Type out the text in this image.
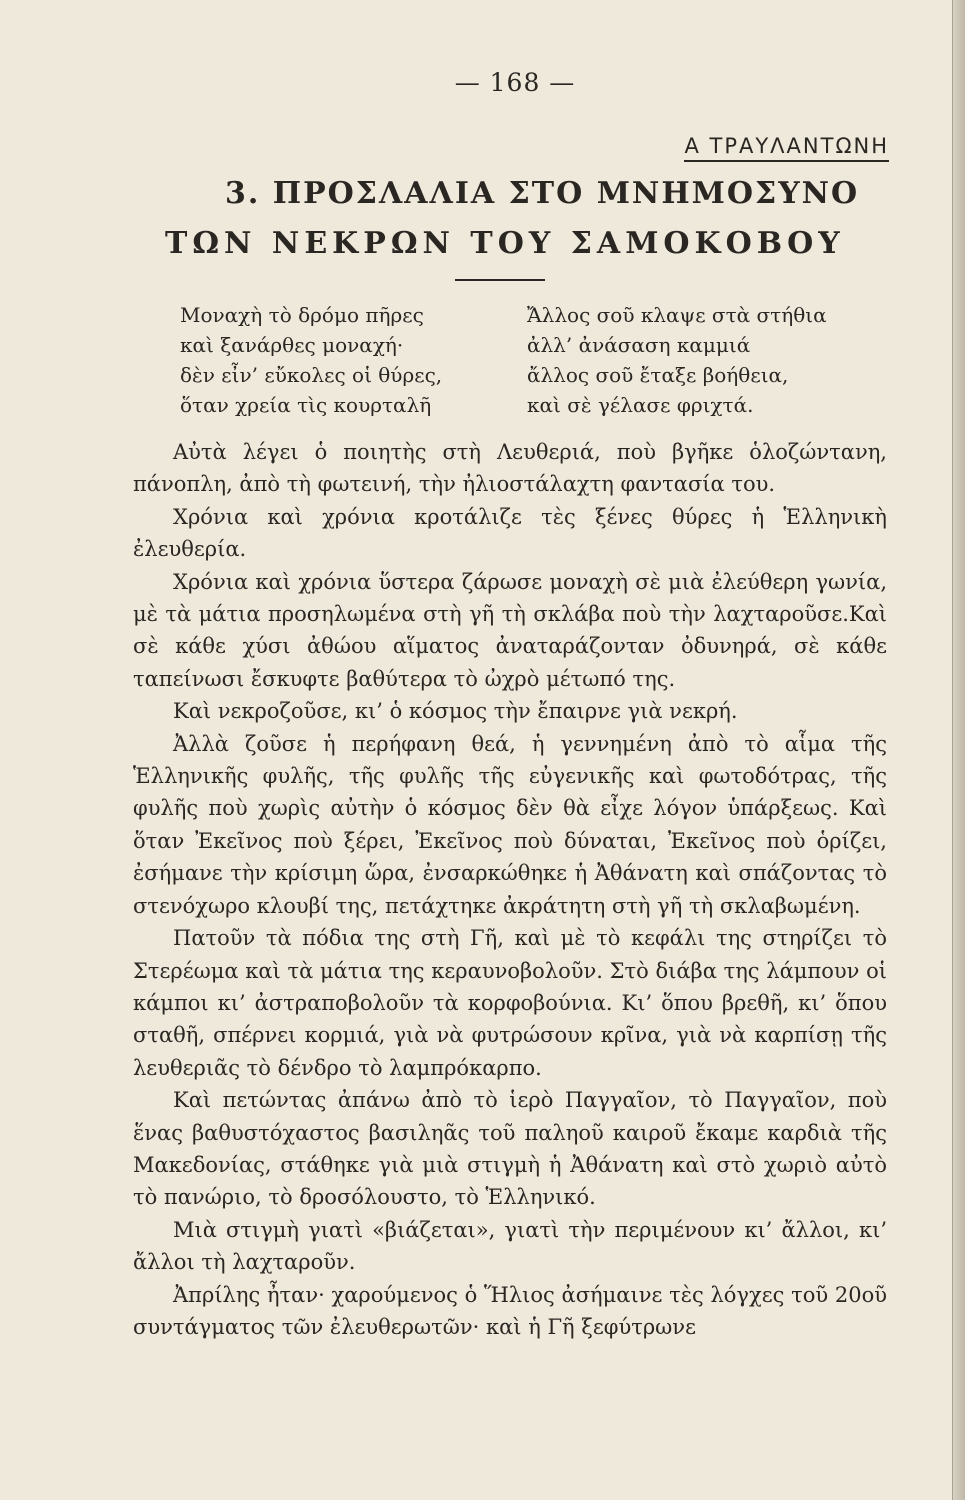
— 168 —
Α ΤΡΑΥΛΑΝΤΩΝΗ
3. ΠΡΟΣΛΑΛΙΑ ΣΤΟ ΜΝΗΜΟΣΥΝΟ
ΤΩΝ ΝΕΚΡΩΝ ΤΟΥ ΣΑΜΟΚΟΒΟΥ
Μοναχὴ τὸ δρόμο πῆρες
καὶ ξανάρθες μοναχή·
δὲν εἶν’ εὔκολες οἱ θύρες,
ὅταν χρεία τὶς κουρταλῆ
Ἄλλος σοῦ κλαψε στὰ στήθια
ἀλλ’ ἀνάσαση καμμιά
ἄλλος σοῦ ἔταξε βοήθεια,
καὶ σὲ γέλασε φριχτά.

Αὐτὰ λέγει ὁ ποιητὴς στὴ Λευθεριά, ποὺ βγῆκε ὁλοζώντανη, πάνοπλη, ἀπὸ τὴ φωτεινή, τὴν ἠλιοστάλαχτη φαντασία του.

Χρόνια καὶ χρόνια κροτάλιζε τὲς ξένες θύρες ἡ Ἑλληνικὴ ἐλευθερία.

Χρόνια καὶ χρόνια ὕστερα ζάρωσε μοναχὴ σὲ μιὰ ἐλεύθερη γωνία, μὲ τὰ μάτια προσηλωμένα στὴ γῆ τὴ σκλάβα ποὺ τὴν λαχταροῦσε.Καὶ σὲ κάθε χύσι ἀθώου αἵματος ἀναταράζονταν ὀδυνηρά, σὲ κάθε ταπείνωσι ἔσκυφτε βαθύτερα τὸ ὠχρὸ μέτωπό της.

Καὶ νεκροζοῦσε, κι’ ὁ κόσμος τὴν ἔπαιρνε γιὰ νεκρή.

Ἀλλὰ ζοῦσε ἡ περήφανη θεά, ἡ γεννημένη ἀπὸ τὸ αἷμα τῆς Ἑλληνικῆς φυλῆς, τῆς φυλῆς τῆς εὐγενικῆς καὶ φωτοδότρας, τῆς φυλῆς ποὺ χωρὶς αὐτὴν ὁ κόσμος δὲν θὰ εἶχε λόγον ὑπάρξεως. Καὶ ὅταν Ἐκεῖνος ποὺ ξέρει, Ἐκεῖνος ποὺ δύναται, Ἐκεῖνος ποὺ ὁρίζει, ἐσήμανε τὴν κρίσιμη ὥρα, ἐνσαρκώθηκε ἡ Ἀθάνατη καὶ σπάζοντας τὸ στενόχωρο κλουβί της, πετάχτηκε ἀκράτητη στὴ γῆ τὴ σκλαβωμένη.

Πατοῦν τὰ πόδια της στὴ Γῆ, καὶ μὲ τὸ κεφάλι της στηρίζει τὸ Στερέωμα καὶ τὰ μάτια της κεραυνοβολοῦν. Στὸ διάβα της λάμπουν οἱ κάμποι κι’ ἀστραποβολοῦν τὰ κορφοβούνια. Κι’ ὅπου βρεθῆ, κι’ ὅπου σταθῆ, σπέρνει κορμιά, γιὰ νὰ φυτρώσουν κρῖνα, γιὰ νὰ καρπίσῃ τῆς λευθεριᾶς τὸ δένδρο τὸ λαμπρόκαρπο.

Καὶ πετώντας ἀπάνω ἀπὸ τὸ ἱερὸ Παγγαῖον, τὸ Παγγαῖον, ποὺ ἕνας βαθυστόχαστος βασιληᾶς τοῦ παληοῦ καιροῦ ἔκαμε καρδιὰ τῆς Μακεδονίας, στάθηκε γιὰ μιὰ στιγμὴ ἡ Ἀθάνατη καὶ στὸ χωριὸ αὐτὸ τὸ πανώριο, τὸ δροσόλουστο, τὸ Ἑλληνικό.

Μιὰ στιγμὴ γιατὶ «βιάζεται», γιατὶ τὴν περιμένουν κι’ ἄλλοι, κι’ ἄλλοι τὴ λαχταροῦν.

Ἀπρίλης ἦταν· χαρούμενος ὁ Ἥλιος ἀσήμαινε τὲς λόγχες τοῦ 20οῦ συντάγματος τῶν ἐλευθερωτῶν· καὶ ἡ Γῆ ξεφύτρωνε
